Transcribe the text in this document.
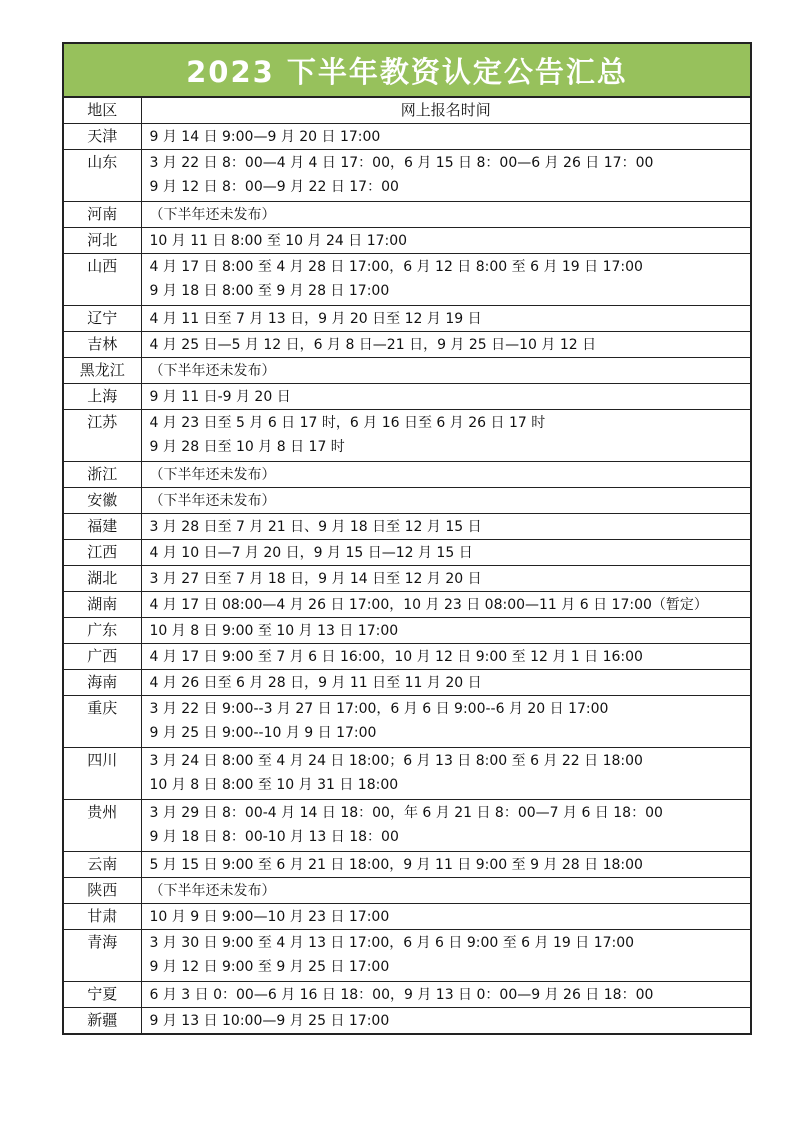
2023 下半年教资认定公告汇总
地区	网上报名时间
天津	9 月 14 日 9:00—9 月 20 日 17:00

山东	3 月 22 日 8：00—4 月 4 日 17：00，6 月 15 日 8：00—6 月 26 日 17：00
9 月 12 日 8：00—9 月 22 日 17：00

河南	（下半年还未发布）

河北	10 月 11 日 8:00 至 10 月 24 日 17:00

山西	4 月 17 日 8:00 至 4 月 28 日 17:00，6 月 12 日 8:00 至 6 月 19 日 17:00
9 月 18 日 8:00 至 9 月 28 日 17:00

辽宁	4 月 11 日至 7 月 13 日，9 月 20 日至 12 月 19 日

吉林	4 月 25 日—5 月 12 日，6 月 8 日—21 日，9 月 25 日—10 月 12 日

黑龙江	（下半年还未发布）

上海	9 月 11 日-9 月 20 日

江苏	4 月 23 日至 5 月 6 日 17 时，6 月 16 日至 6 月 26 日 17 时
9 月 28 日至 10 月 8 日 17 时

浙江	（下半年还未发布）

安徽	（下半年还未发布）

福建	3 月 28 日至 7 月 21 日、9 月 18 日至 12 月 15 日

江西	4 月 10 日—7 月 20 日，9 月 15 日—12 月 15 日

湖北	3 月 27 日至 7 月 18 日，9 月 14 日至 12 月 20 日

湖南	4 月 17 日 08:00—4 月 26 日 17:00，10 月 23 日 08:00—11 月 6 日 17:00（暂定）

广东	10 月 8 日 9:00 至 10 月 13 日 17:00

广西	4 月 17 日 9:00 至 7 月 6 日 16:00，10 月 12 日 9:00 至 12 月 1 日 16:00

海南	4 月 26 日至 6 月 28 日，9 月 11 日至 11 月 20 日

重庆	3 月 22 日 9:00--3 月 27 日 17:00，6 月 6 日 9:00--6 月 20 日 17:00
9 月 25 日 9:00--10 月 9 日 17:00

四川	3 月 24 日 8:00 至 4 月 24 日 18:00；6 月 13 日 8:00 至 6 月 22 日 18:00
10 月 8 日 8:00 至 10 月 31 日 18:00

贵州	3 月 29 日 8：00-4 月 14 日 18：00，年 6 月 21 日 8：00—7 月 6 日 18：00
9 月 18 日 8：00-10 月 13 日 18：00

云南	5 月 15 日 9:00 至 6 月 21 日 18:00，9 月 11 日 9:00 至 9 月 28 日 18:00

陕西	（下半年还未发布）

甘肃	10 月 9 日 9:00—10 月 23 日 17:00

青海	3 月 30 日 9:00 至 4 月 13 日 17:00，6 月 6 日 9:00 至 6 月 19 日 17:00
9 月 12 日 9:00 至 9 月 25 日 17:00

宁夏	6 月 3 日 0：00—6 月 16 日 18：00，9 月 13 日 0：00—9 月 26 日 18：00

新疆	9 月 13 日 10:00—9 月 25 日 17:00
